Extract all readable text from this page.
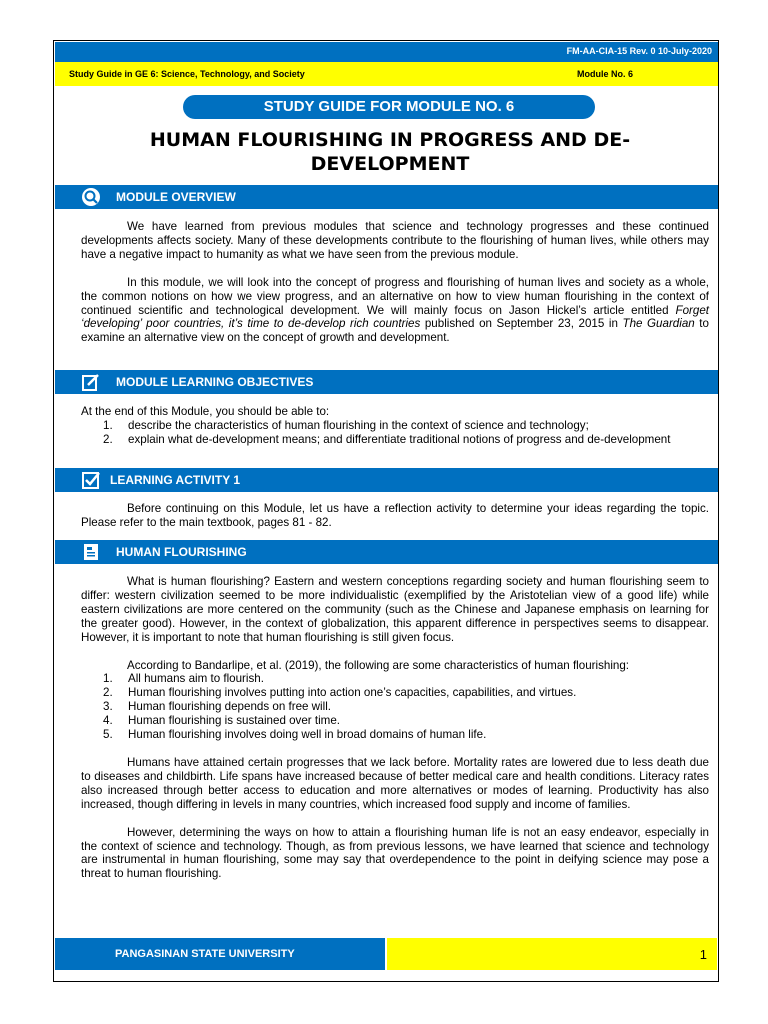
FM-AA-CIA-15 Rev. 0 10-July-2020
Study Guide in GE 6: Science, Technology, and Society	Module No. 6
STUDY GUIDE FOR MODULE NO. 6
HUMAN FLOURISHING IN PROGRESS AND DE-
DEVELOPMENT
MODULE OVERVIEW

We have learned from previous modules that science and technology progresses and these continued developments affects society. Many of these developments contribute to the flourishing of human lives, while others may have a negative impact to humanity as what we have seen from the previous module.

In this module, we will look into the concept of progress and flourishing of human lives and society as a whole, the common notions on how we view progress, and an alternative on how to view human flourishing in the context of continued scientific and technological development. We will mainly focus on Jason Hickel’s article entitled Forget ‘developing’ poor countries, it’s time to de-develop rich countries published on September 23, 2015 in The Guardian to examine an alternative view on the concept of growth and development.

MODULE LEARNING OBJECTIVES
At the end of this Module, you should be able to:
1. describe the characteristics of human flourishing in the context of science and technology;
2. explain what de-development means; and differentiate traditional notions of progress and de-development
LEARNING ACTIVITY 1

Before continuing on this Module, let us have a reflection activity to determine your ideas regarding the topic. Please refer to the main textbook, pages 81 - 82.

HUMAN FLOURISHING

What is human flourishing? Eastern and western conceptions regarding society and human flourishing seem to differ: western civilization seemed to be more individualistic (exemplified by the Aristotelian view of a good life) while eastern civilizations are more centered on the community (such as the Chinese and Japanese emphasis on learning for the greater good). However, in the context of globalization, this apparent difference in perspectives seems to disappear. However, it is important to note that human flourishing is still given focus.

According to Bandarlipe, et al. (2019), the following are some characteristics of human flourishing:

1. All humans aim to flourish.
2. Human flourishing involves putting into action one’s capacities, capabilities, and virtues.
3. Human flourishing depends on free will.
4. Human flourishing is sustained over time.
5. Human flourishing involves doing well in broad domains of human life.

Humans have attained certain progresses that we lack before. Mortality rates are lowered due to less death due to diseases and childbirth. Life spans have increased because of better medical care and health conditions. Literacy rates also increased through better access to education and more alternatives or modes of learning. Productivity has also increased, though differing in levels in many countries, which increased food supply and income of families.

However, determining the ways on how to attain a flourishing human life is not an easy endeavor, especially in the context of science and technology. Though, as from previous lessons, we have learned that science and technology are instrumental in human flourishing, some may say that overdependence to the point in deifying science may pose a threat to human flourishing.

PANGASINAN STATE UNIVERSITY	1
